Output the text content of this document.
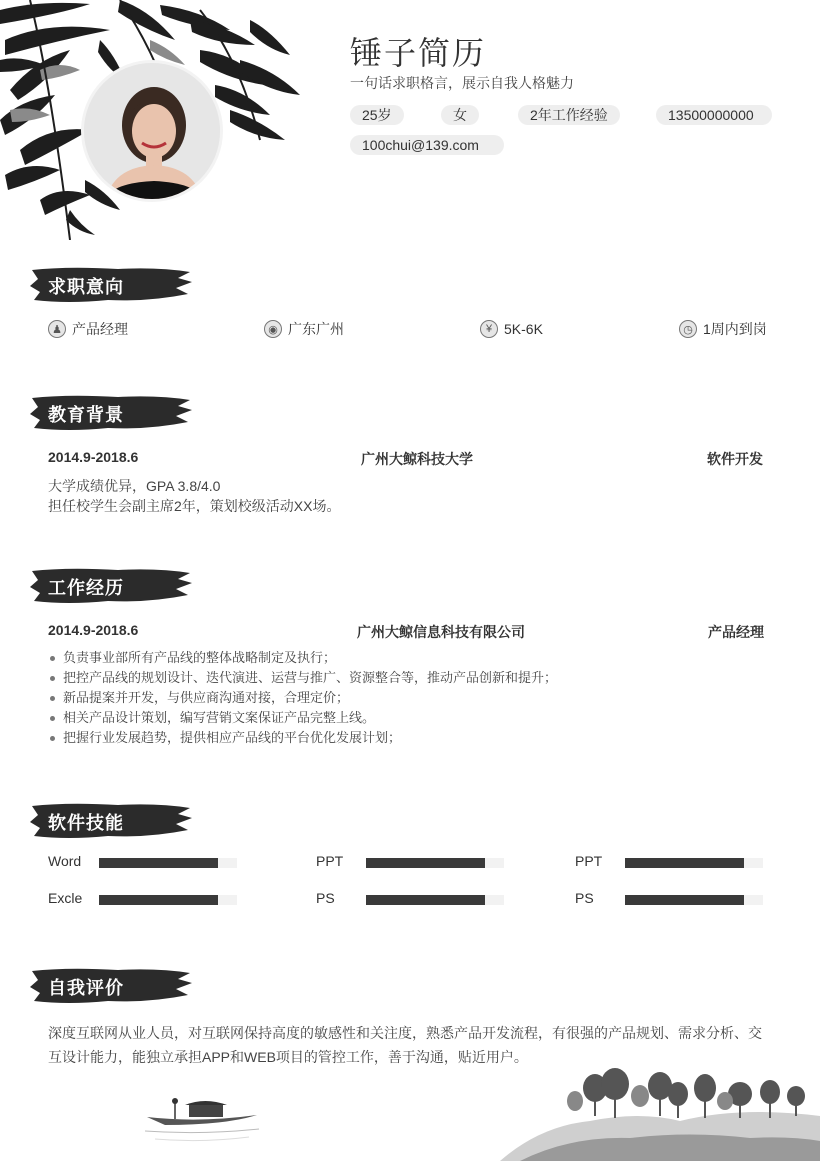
锤子简历
一句话求职格言，展示自我人格魅力
25岁	女	2年工作经验	13500000000
100chui@139.com
求职意向
♟ 产品经理	◉ 广东广州	¥ 5K-6K	◷ 1周内到岗
教育背景
2014.9-2018.6	广州大鲸科技大学	软件开发
大学成绩优异，GPA 3.8/4.0
担任校学生会副主席2年，策划校级活动XX场。
工作经历
2014.9-2018.6	广州大鲸信息科技有限公司	产品经理
负责事业部所有产品线的整体战略制定及执行；
把控产品线的规划设计、迭代演进、运营与推广、资源整合等，推动产品创新和提升；
新品提案并开发，与供应商沟通对接，合理定价；
相关产品设计策划，编写营销文案保证产品完整上线。
把握行业发展趋势，提供相应产品线的平台优化发展计划；
软件技能
Word	PPT	PPT
Excle	PS	PS
自我评价
深度互联网从业人员，对互联网保持高度的敏感性和关注度，熟悉产品开发流程，有很强的产品规划、需求分析、交
互设计能力，能独立承担APP和WEB项目的管控工作，善于沟通，贴近用户。
